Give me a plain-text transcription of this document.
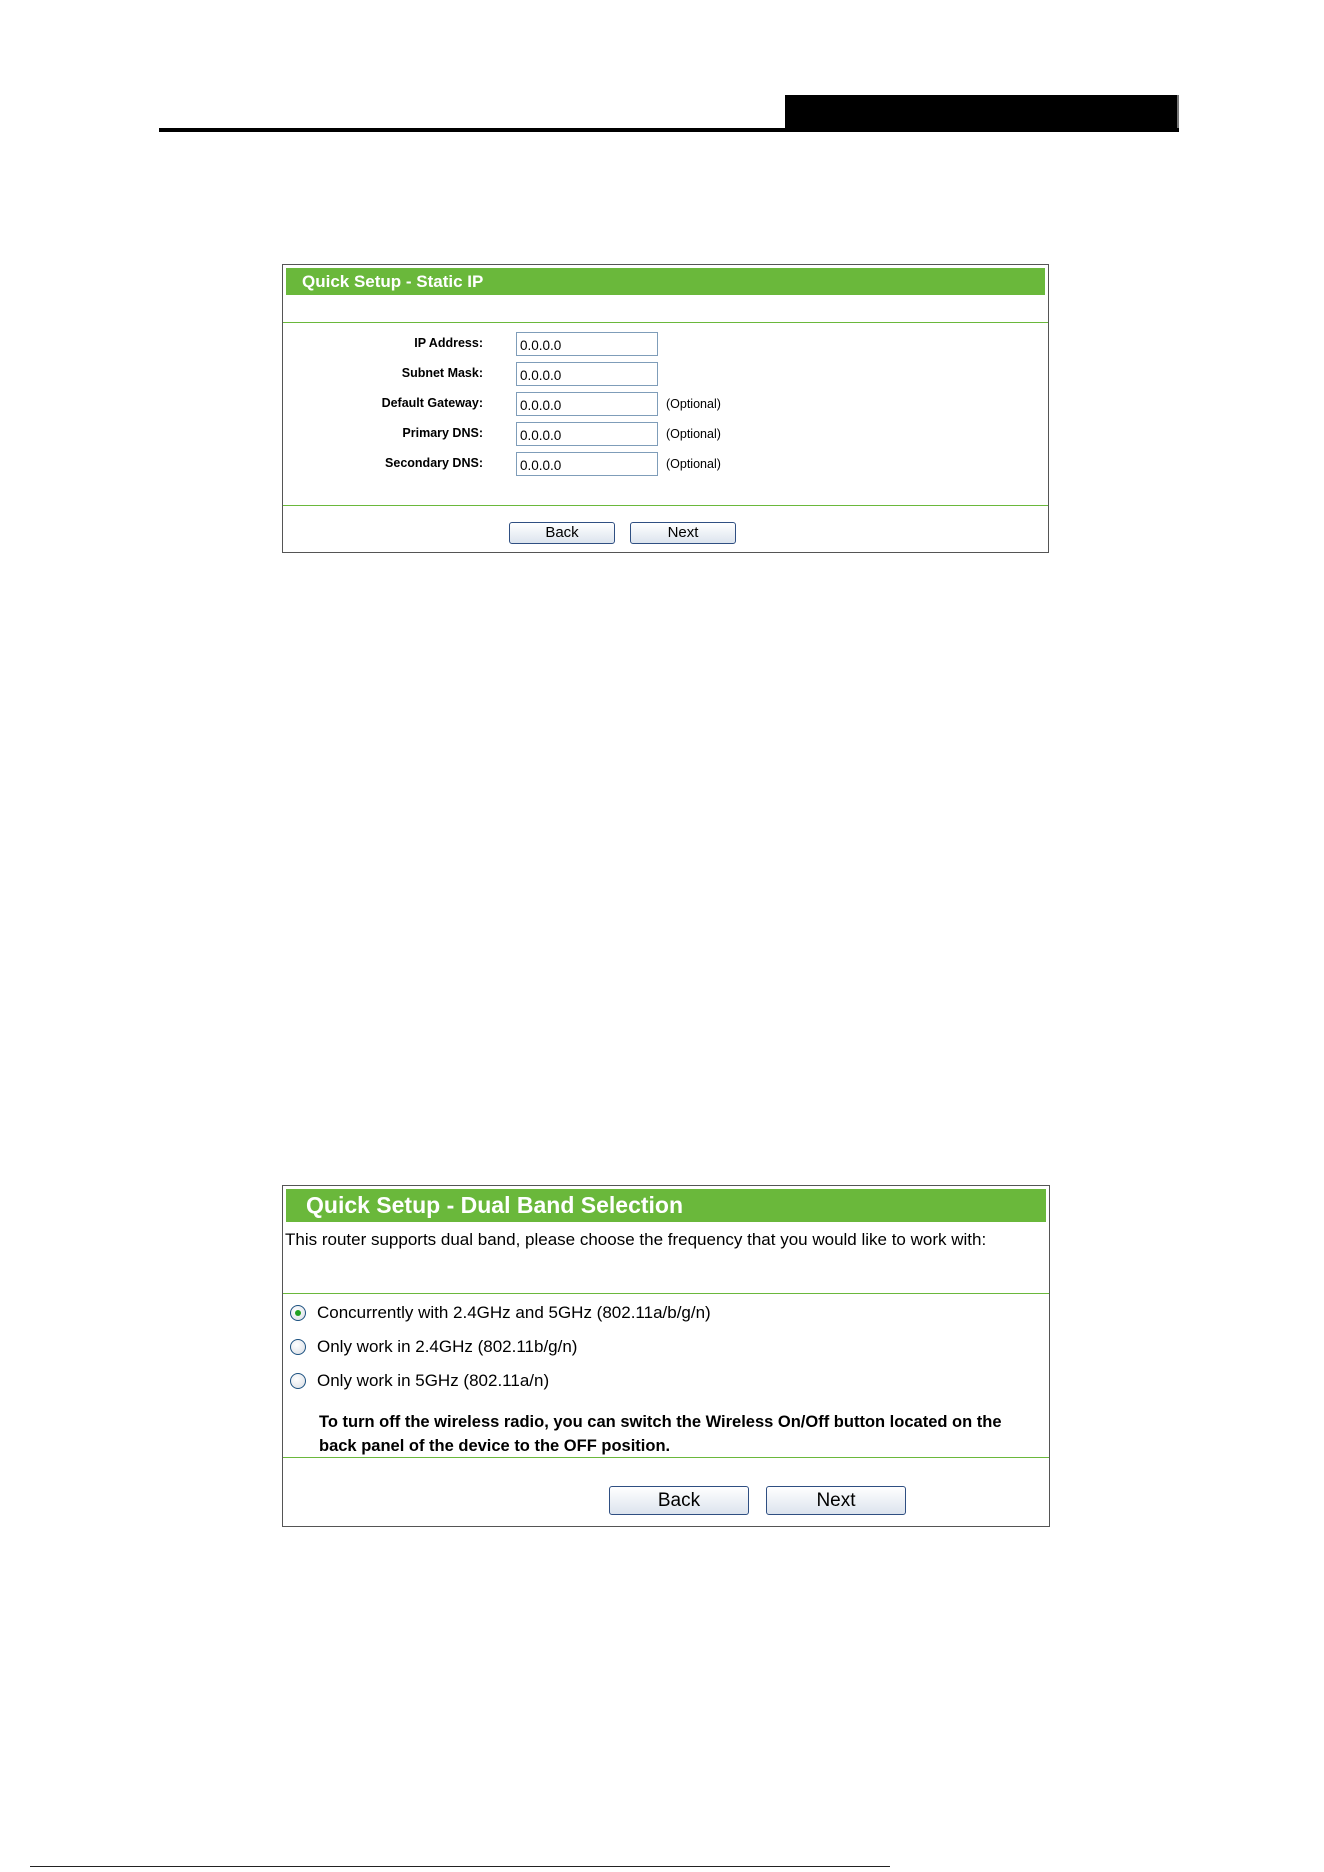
Quick Setup - Static IP
IP Address:
0.0.0.0
Subnet Mask:
0.0.0.0
Default Gateway:
0.0.0.0	(Optional)
Primary DNS:
0.0.0.0	(Optional)
Secondary DNS:
0.0.0.0	(Optional)
Back	Next
Quick Setup - Dual Band Selection
This router supports dual band, please choose the frequency that you would like to work with:
Concurrently with 2.4GHz and 5GHz (802.11a/b/g/n)
Only work in 2.4GHz (802.11b/g/n)
Only work in 5GHz (802.11a/n)
To turn off the wireless radio, you can switch the Wireless On/Off button located on the back panel of the device to the OFF position.
Back	Next
